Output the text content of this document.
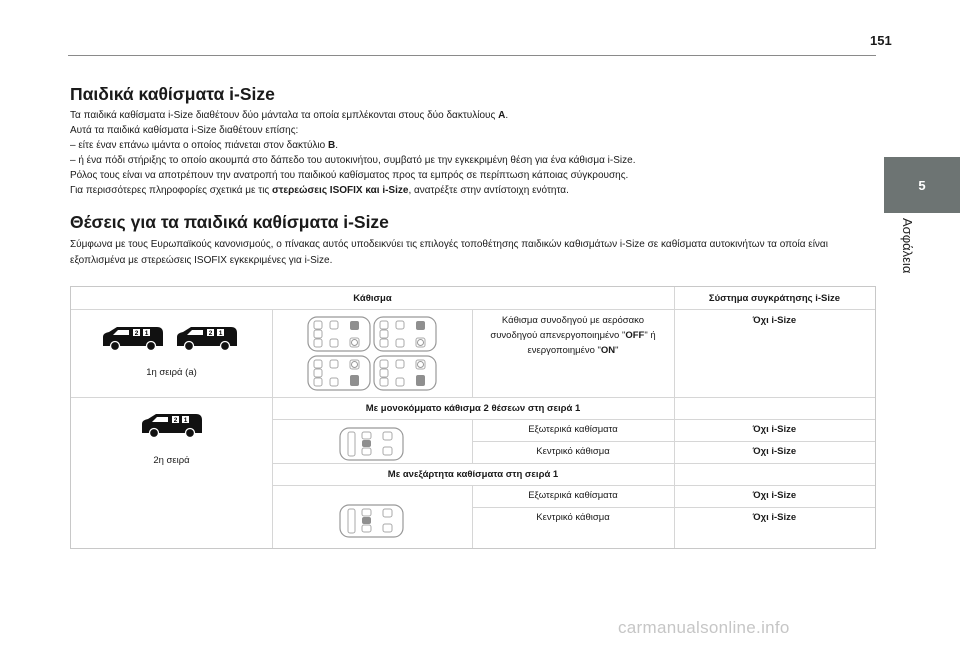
151
5
Ασφάλεια
Παιδικά καθίσματα i-Size
Τα παιδικά καθίσματα i-Size διαθέτουν δύο μάνταλα τα οποία εμπλέκονται στους δύο δακτυλίους A.
Αυτά τα παιδικά καθίσματα i-Size διαθέτουν επίσης:
– είτε έναν επάνω ιμάντα ο οποίος πιάνεται στον δακτύλιο B.
– ή ένα πόδι στήριξης το οποίο ακουμπά στο δάπεδο του αυτοκινήτου, συμβατό με την εγκεκριμένη θέση για ένα κάθισμα i-Size.
Ρόλος τους είναι να αποτρέπουν την ανατροπή του παιδικού καθίσματος προς τα εμπρός σε περίπτωση κάποιας σύγκρουσης.
Για περισσότερες πληροφορίες σχετικά με τις στερεώσεις ISOFIX και i-Size, ανατρέξτε στην αντίστοιχη ενότητα.
Θέσεις για τα παιδικά καθίσματα i-Size
Σύμφωνα με τους Ευρωπαϊκούς κανονισμούς, ο πίνακας αυτός υποδεικνύει τις επιλογές τοποθέτησης παιδικών καθισμάτων i-Size σε καθίσματα αυτοκινήτων τα οποία είναι
εξοπλισμένα με στερεώσεις ISOFIX εγκεκριμένες για i-Size.
Κάθισμα	Σύστημα συγκράτησης i-Size
2 1	2 1
1η σειρά (a)
Κάθισμα συνοδηγού με αερόσακο
συνοδηγού απενεργοποιημένο "OFF" ή
ενεργοποιημένο "ON"
Όχι i-Size
2 1
2η σειρά
Με μονοκόμματο κάθισμα 2 θέσεων στη σειρά 1
Εξωτερικά καθίσματα	Όχι i-Size
Κεντρικό κάθισμα	Όχι i-Size
Με ανεξάρτητα καθίσματα στη σειρά 1
Εξωτερικά καθίσματα	Όχι i-Size
Κεντρικό κάθισμα	Όχι i-Size
carmanualsonline.info
